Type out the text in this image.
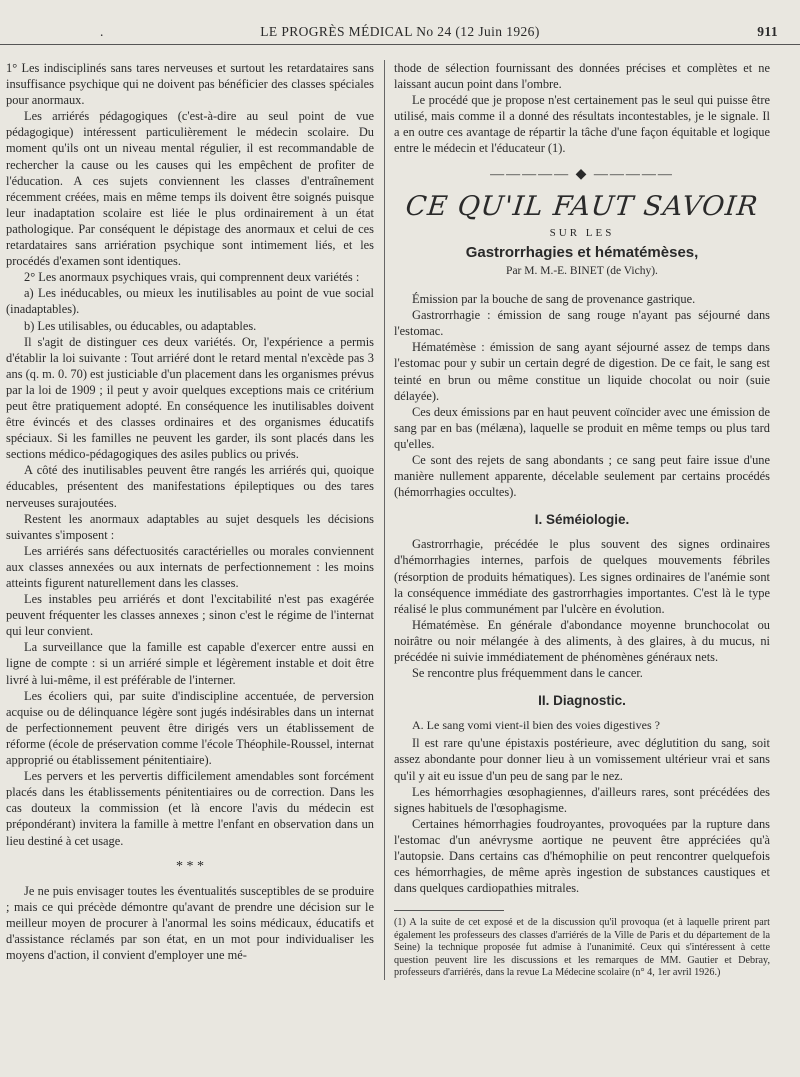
.	LE PROGRÈS MÉDICAL No 24 (12 Juin 1926)	911

1° Les indisciplinés sans tares nerveuses et surtout les retardataires sans insuffisance psychique qui ne doivent pas bénéficier des classes spéciales pour anormaux.

Les arriérés pédagogiques (c'est-à-dire au seul point de vue pédagogique) intéressent particulièrement le médecin scolaire. Du moment qu'ils ont un niveau mental régulier, il est recommandable de rechercher la cause ou les causes qui les empêchent de profiter de l'éducation. A ces sujets conviennent les classes d'entraînement récemment créées, mais en même temps ils doivent être soignés puisque leur inadaptation scolaire est liée le plus ordinairement à un état pathologique. Par conséquent le dépistage des anormaux et celui de ces retardataires sans arriération psychique sont intimement liés, et les procédés d'examen sont identiques.

2° Les anormaux psychiques vrais, qui comprennent deux variétés :

a) Les inéducables, ou mieux les inutilisables au point de vue social (inadaptables).

b) Les utilisables, ou éducables, ou adaptables.

Il s'agit de distinguer ces deux variétés. Or, l'expérience a permis d'établir la loi suivante : Tout arriéré dont le retard mental n'excède pas 3 ans (q. m. 0. 70) est justiciable d'un placement dans les organismes prévus par la loi de 1909 ; il peut y avoir quelques exceptions mais ce critérium peut être pratiquement adopté. En conséquence les inutilisables doivent être évincés et des classes ordinaires et des organismes éducatifs spéciaux. Si les familles ne peuvent les garder, ils sont placés dans les sections médico-pédagogiques des asiles publics ou privés.

A côté des inutilisables peuvent être rangés les arriérés qui, quoique éducables, présentent des manifestations épileptiques ou des tares nerveuses surajoutées.

Restent les anormaux adaptables au sujet desquels les décisions suivantes s'imposent :

Les arriérés sans défectuosités caractérielles ou morales conviennent aux classes annexées ou aux internats de perfectionnement : les moins atteints figurent naturellement dans les classes.

Les instables peu arriérés et dont l'excitabilité n'est pas exagérée peuvent fréquenter les classes annexes ; sinon c'est le régime de l'internat qui leur convient.

La surveillance que la famille est capable d'exercer entre aussi en ligne de compte : si un arriéré simple et légèrement instable et doit être livré à lui-même, il est préférable de l'interner.

Les écoliers qui, par suite d'indiscipline accentuée, de perversion acquise ou de délinquance légère sont jugés indésirables dans un internat de perfectionnement peuvent être dirigés vers un établissement de réforme (école de préservation comme l'école Théophile-Roussel, internat approprié ou établissement pénitentiaire).

Les pervers et les pervertis difficilement amendables sont forcément placés dans les établissements pénitentiaires ou de correction. Dans les cas douteux la commission (et là encore l'avis du médecin est prépondérant) invitera la famille à mettre l'enfant en observation dans un lieu destiné à cet usage.

* * *

Je ne puis envisager toutes les éventualités susceptibles de se produire ; mais ce qui précède démontre qu'avant de prendre une décision sur le meilleur moyen de procurer à l'anormal les soins médicaux, éducatifs et d'assistance réclamés par son état, en un mot pour individualiser les moyens d'action, il convient d'employer une mé-

thode de sélection fournissant des données précises et complètes et ne laissant aucun point dans l'ombre.

Le procédé que je propose n'est certainement pas le seul qui puisse être utilisé, mais comme il a donné des résultats incontestables, je le signale. Il a en outre ces avantage de répartir la tâche d'une façon équitable et logique entre le médecin et l'éducateur (1).

————— ◆ —————
CE QU'IL FAUT SAVOIR
SUR LES
Gastrorrhagies et hématémèses,
Par M. M.-E. BINET (de Vichy).

Émission par la bouche de sang de provenance gastrique.

Gastrorrhagie : émission de sang rouge n'ayant pas séjourné dans l'estomac.

Hématémèse : émission de sang ayant séjourné assez de temps dans l'estomac pour y subir un certain degré de digestion. De ce fait, le sang est teinté en brun ou même constitue un liquide chocolat ou noir (suie délayée).

Ces deux émissions par en haut peuvent coïncider avec une émission de sang par en bas (mélæna), laquelle se produit en même temps ou plus tard qu'elles.

Ce sont des rejets de sang abondants ; ce sang peut faire issue d'une manière nullement apparente, décelable seulement par certains procédés (hémorrhagies occultes).

I. Séméiologie.

Gastrorrhagie, précédée le plus souvent des signes ordinaires d'hémorrhagies internes, parfois de quelques mouvements fébriles (résorption de produits hématiques). Les signes ordinaires de l'anémie sont la conséquence immédiate des gastrorrhagies importantes. C'est là le type réalisé le plus communément par l'ulcère en évolution.

Hématémèse. En générale d'abondance moyenne brunchocolat ou noirâtre ou noir mélangée à des aliments, à des glaires, à du mucus, ni précédée ni suivie immédiatement de phénomènes généraux nets.

Se rencontre plus fréquemment dans le cancer.

II. Diagnostic.

A. Le sang vomi vient-il bien des voies digestives ?

Il est rare qu'une épistaxis postérieure, avec déglutition du sang, soit assez abondante pour donner lieu à un vomissement ultérieur vrai et sans qu'il y ait eu issue d'un peu de sang par le nez.

Les hémorrhagies œsophagiennes, d'ailleurs rares, sont précédées des signes habituels de l'œsophagisme.

Certaines hémorrhagies foudroyantes, provoquées par la rupture dans l'estomac d'un anévrysme aortique ne peuvent être appréciées qu'à l'autopsie. Dans certains cas d'hémophilie on peut rencontrer quelquefois ces hémorrhagies, de même après ingestion de substances caustiques et dans quelques cardiopathies mitrales.

(1) A la suite de cet exposé et de la discussion qu'il provoqua (et à laquelle prirent part également les professeurs des classes d'arriérés de la Ville de Paris et du département de la Seine) la technique proposée fut admise à l'unanimité. Ceux qui s'intéressent à cette question peuvent lire les discussions et les remarques de MM. Gautier et Debray, professeurs d'arriérés, dans la revue La Médecine scolaire (n° 4, 1er avril 1926.)
